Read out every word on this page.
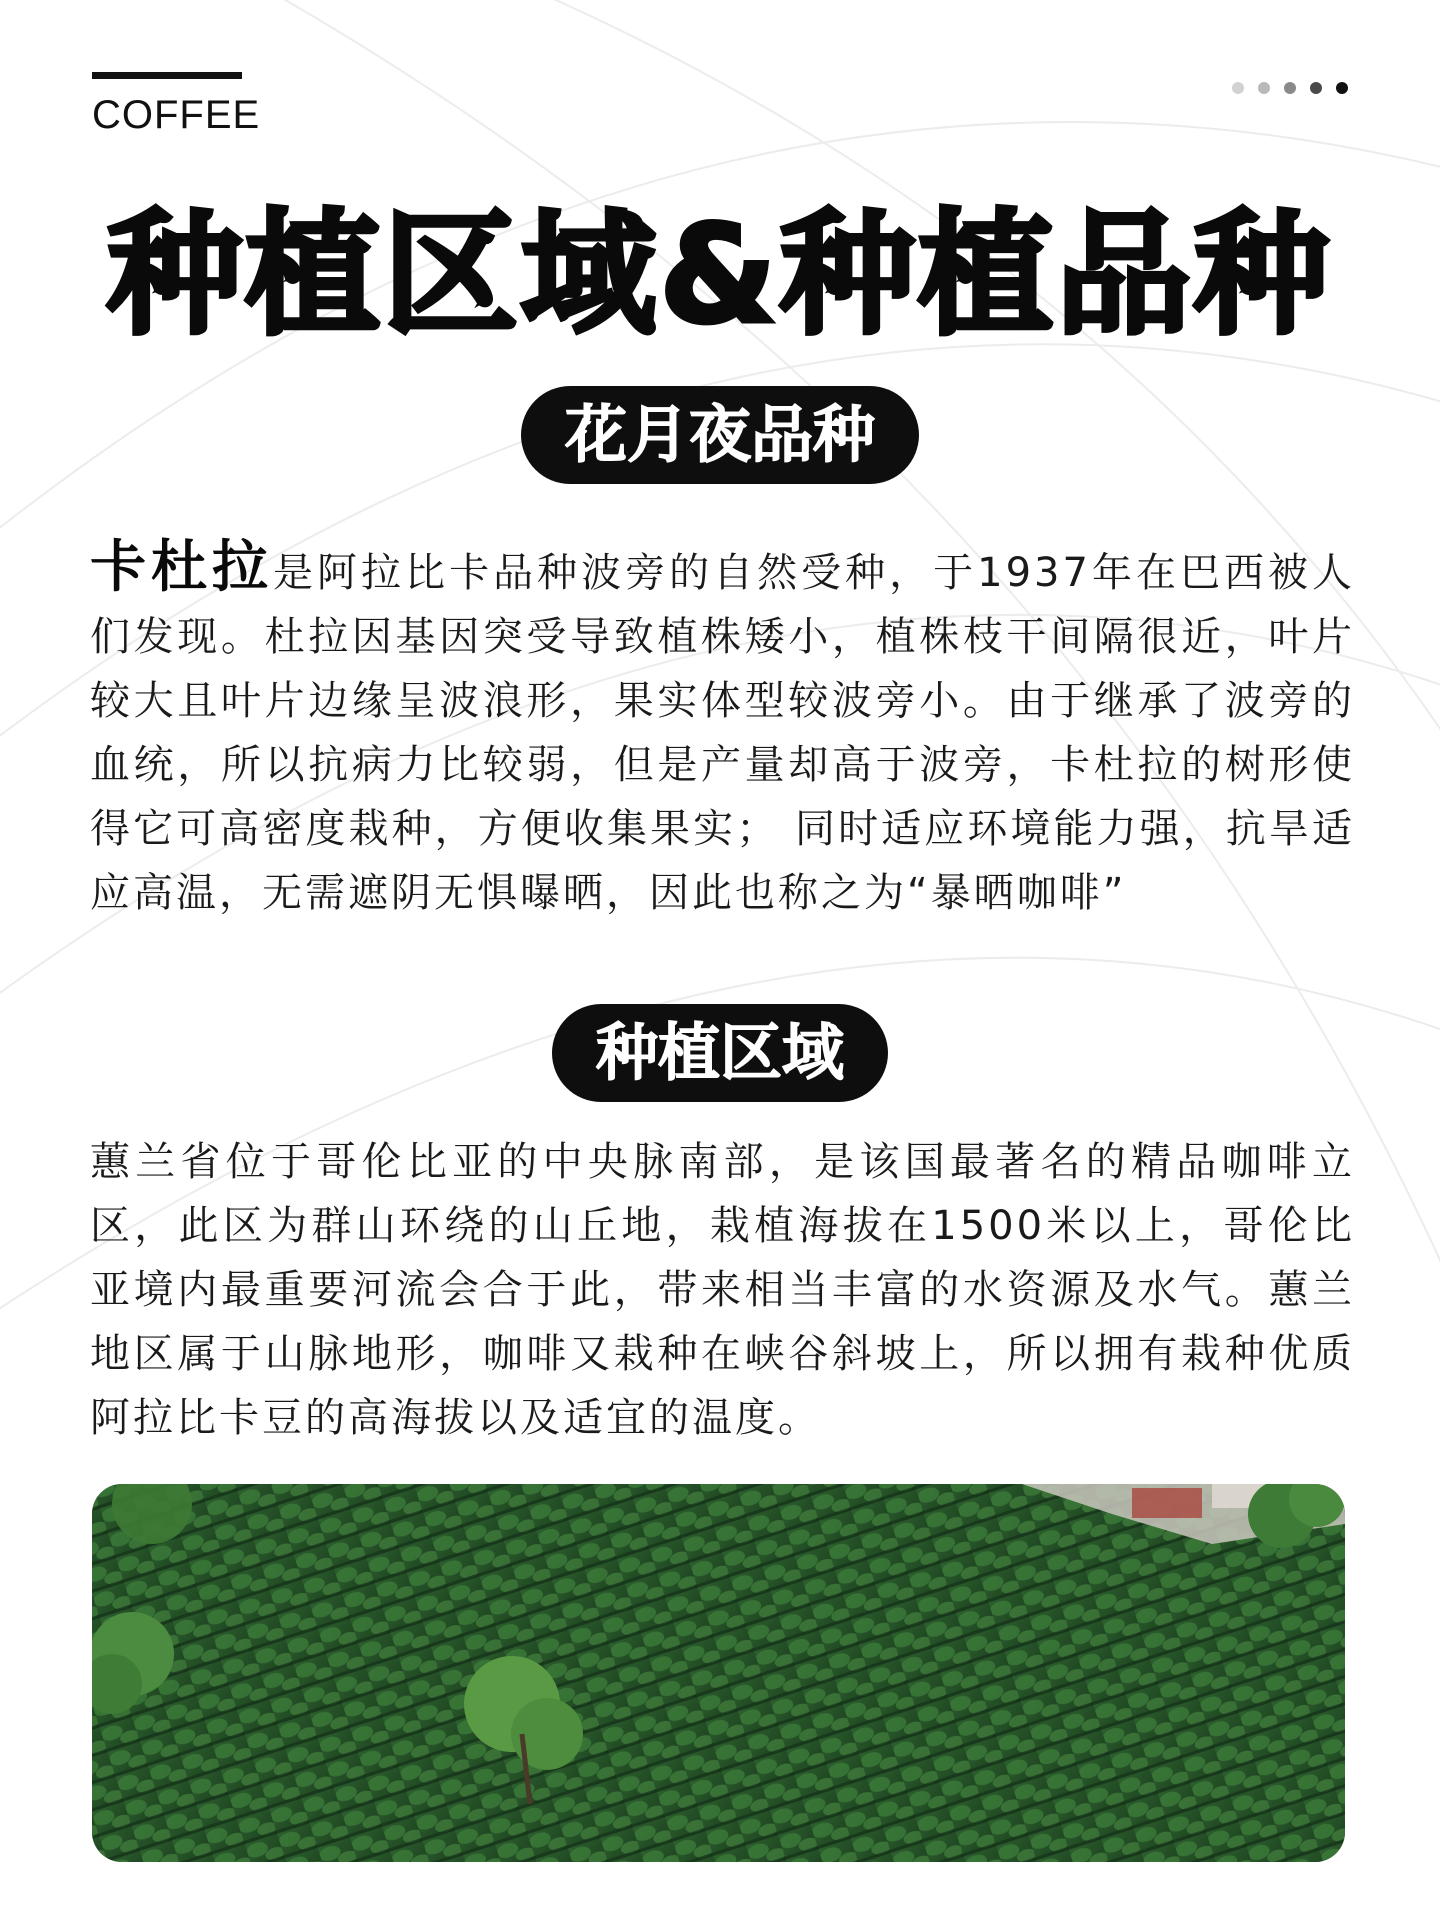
COFFEE
种植区域&种植品种
花月夜品种
卡杜拉是阿拉比卡品种波旁的自然受种，于1937年在巴西被人们发现。杜拉因基因突受导致植株矮小，植株枝干间隔很近，叶片较大且叶片边缘呈波浪形，果实体型较波旁小。由于继承了波旁的血统，所以抗病力比较弱，但是产量却高于波旁，卡杜拉的树形使得它可高密度栽种，方便收集果实； 同时适应环境能力强，抗旱适应高温，无需遮阴无惧曝晒，因此也称之为“暴晒咖啡”
种植区域
蕙兰省位于哥伦比亚的中央脉南部，是该国最著名的精品咖啡立区，此区为群山环绕的山丘地，栽植海拔在1500米以上，哥伦比亚境内最重要河流会合于此，带来相当丰富的水资源及水气。蕙兰地区属于山脉地形，咖啡又栽种在峡谷斜坡上，所以拥有栽种优质阿拉比卡豆的高海拔以及适宜的温度。
